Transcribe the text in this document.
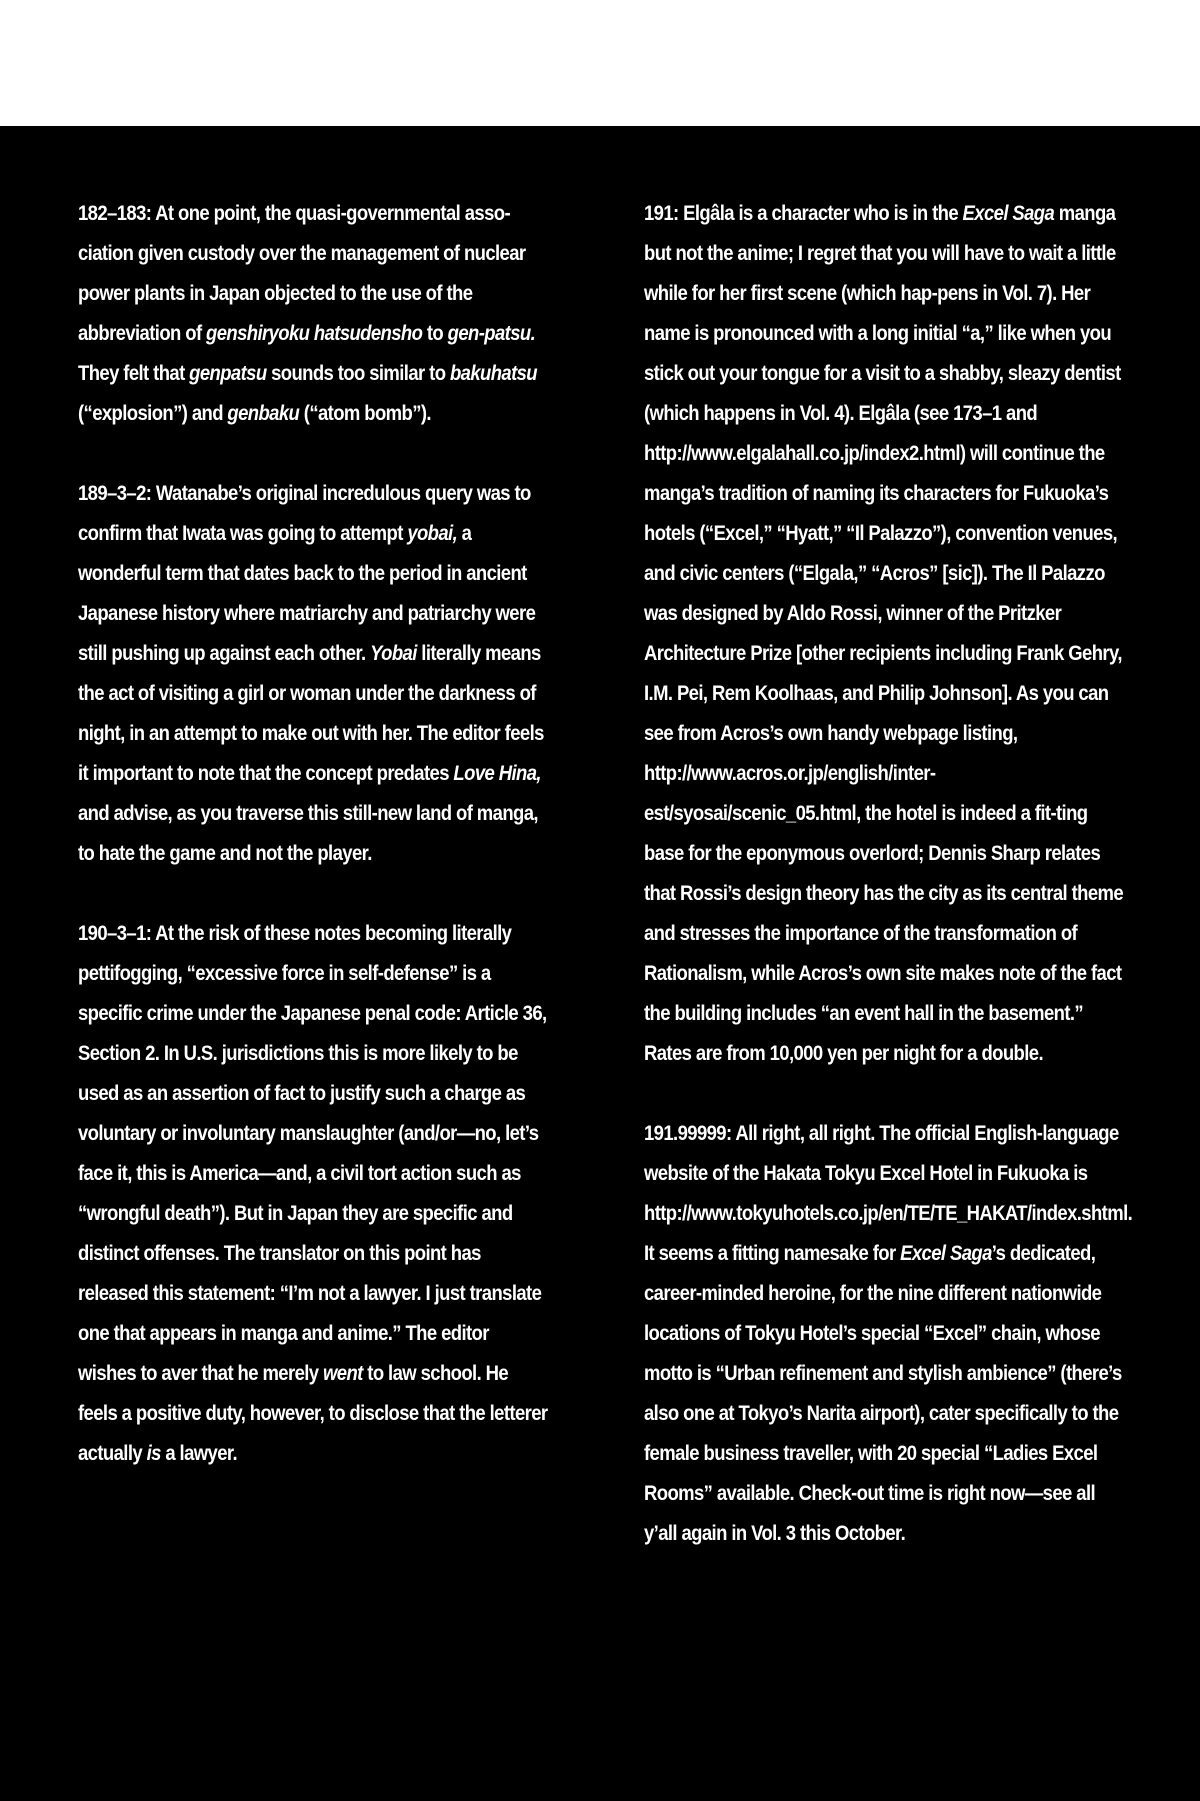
182–183: At one point, the quasi-governmental asso-ciation given custody over the management of nuclear power plants in Japan objected to the use of the abbreviation of genshiryoku hatsudensho to gen-patsu. They felt that genpatsu sounds too similar to bakuhatsu (“explosion”) and genbaku (“atom bomb”).

189–3–2: Watanabe’s original incredulous query was to confirm that Iwata was going to attempt yobai, a wonderful term that dates back to the period in ancient Japanese history where matriarchy and patriarchy were still pushing up against each other. Yobai literally means the act of visiting a girl or woman under the darkness of night, in an attempt to make out with her. The editor feels it important to note that the concept predates Love Hina, and advise, as you traverse this still-new land of manga, to hate the game and not the player.

190–3–1: At the risk of these notes becoming literally pettifogging, “excessive force in self-defense” is a specific crime under the Japanese penal code: Article 36, Section 2. In U.S. jurisdictions this is more likely to be used as an assertion of fact to justify such a charge as voluntary or involuntary manslaughter (and/or—no, let’s face it, this is America—and, a civil tort action such as “wrongful death”). But in Japan they are specific and distinct offenses. The translator on this point has released this statement: “I’m not a lawyer. I just translate one that appears in manga and anime.” The editor wishes to aver that he merely went to law school. He feels a positive duty, however, to disclose that the letterer actually is a lawyer.

191: Elgâla is a character who is in the Excel Saga manga but not the anime; I regret that you will have to wait a little while for her first scene (which hap-pens in Vol. 7). Her name is pronounced with a long initial “a,” like when you stick out your tongue for a visit to a shabby, sleazy dentist (which happens in Vol. 4). Elgâla (see 173–1 and http://www.elgalahall.co.jp/index2.html) will continue the manga’s tradition of naming its characters for Fukuoka’s hotels (“Excel,” “Hyatt,” “Il Palazzo”), convention venues, and civic centers (“Elgala,” “Acros” [sic]). The Il Palazzo was designed by Aldo Rossi, winner of the Pritzker Architecture Prize [other recipients including Frank Gehry, I.M. Pei, Rem Koolhaas, and Philip Johnson]. As you can see from Acros’s own handy webpage listing, http://www.acros.or.jp/english/inter-est/syosai/scenic_05.html, the hotel is indeed a fit-ting base for the eponymous overlord; Dennis Sharp relates that Rossi’s design theory has the city as its central theme and stresses the importance of the transformation of Rationalism, while Acros’s own site makes note of the fact the building includes “an event hall in the basement.” Rates are from 10,000 yen per night for a double.

191.99999: All right, all right. The official English-language website of the Hakata Tokyu Excel Hotel in Fukuoka is http://www.tokyuhotels.co.jp/en/TE/TE_HAKAT/index.shtml. It seems a fitting namesake for Excel Saga’s dedicated, career-minded heroine, for the nine different nationwide locations of Tokyu Hotel’s special “Excel” chain, whose motto is “Urban refinement and stylish ambience” (there’s also one at Tokyo’s Narita airport), cater specifically to the female business traveller, with 20 special “Ladies Excel Rooms” available. Check-out time is right now—see all y’all again in Vol. 3 this October.
